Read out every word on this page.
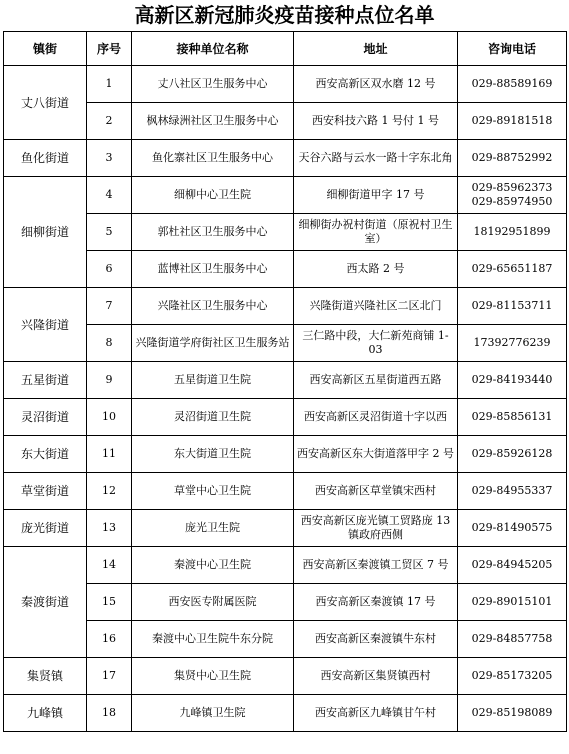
高新区新冠肺炎疫苗接种点位名单
镇街	序号	接种单位名称	地址	咨询电话
丈八街道	1	丈八社区卫生服务中心	西安高新区双水磨 12 号	029-88589169
	2	枫林绿洲社区卫生服务中心	西安科技六路 1 号付 1 号	029-89181518
鱼化街道	3	鱼化寨社区卫生服务中心	天谷六路与云水一路十字东北角	029-88752992
细柳街道	4	细柳中心卫生院	细柳街道甲字 17 号	029-85962373 029-85974950
	5	郭杜社区卫生服务中心	细柳街办祝村街道（原祝村卫生室）	18192951899
	6	蓝博社区卫生服务中心	西太路 2 号	029-65651187
兴隆街道	7	兴隆社区卫生服务中心	兴隆街道兴隆社区二区北门	029-81153711
	8	兴隆街道学府街社区卫生服务站	三仁路中段，大仁新苑商铺 1-03	17392776239
五星街道	9	五星街道卫生院	西安高新区五星街道西五路	029-84193440
灵沼街道	10	灵沼街道卫生院	西安高新区灵沼街道十字以西	029-85856131
东大街道	11	东大街道卫生院	西安高新区东大街道落甲字 2 号	029-85926128
草堂街道	12	草堂中心卫生院	西安高新区草堂镇宋西村	029-84955337
庞光街道	13	庞光卫生院	西安高新区庞光镇工贸路庞 13 镇政府西侧	029-81490575
秦渡街道	14	秦渡中心卫生院	西安高新区秦渡镇工贸区 7 号	029-84945205
	15	西安医专附属医院	西安高新区秦渡镇 17 号	029-89015101
	16	秦渡中心卫生院牛东分院	西安高新区秦渡镇牛东村	029-84857758
集贤镇	17	集贤中心卫生院	西安高新区集贤镇西村	029-85173205
九峰镇	18	九峰镇卫生院	西安高新区九峰镇甘午村	029-85198089
